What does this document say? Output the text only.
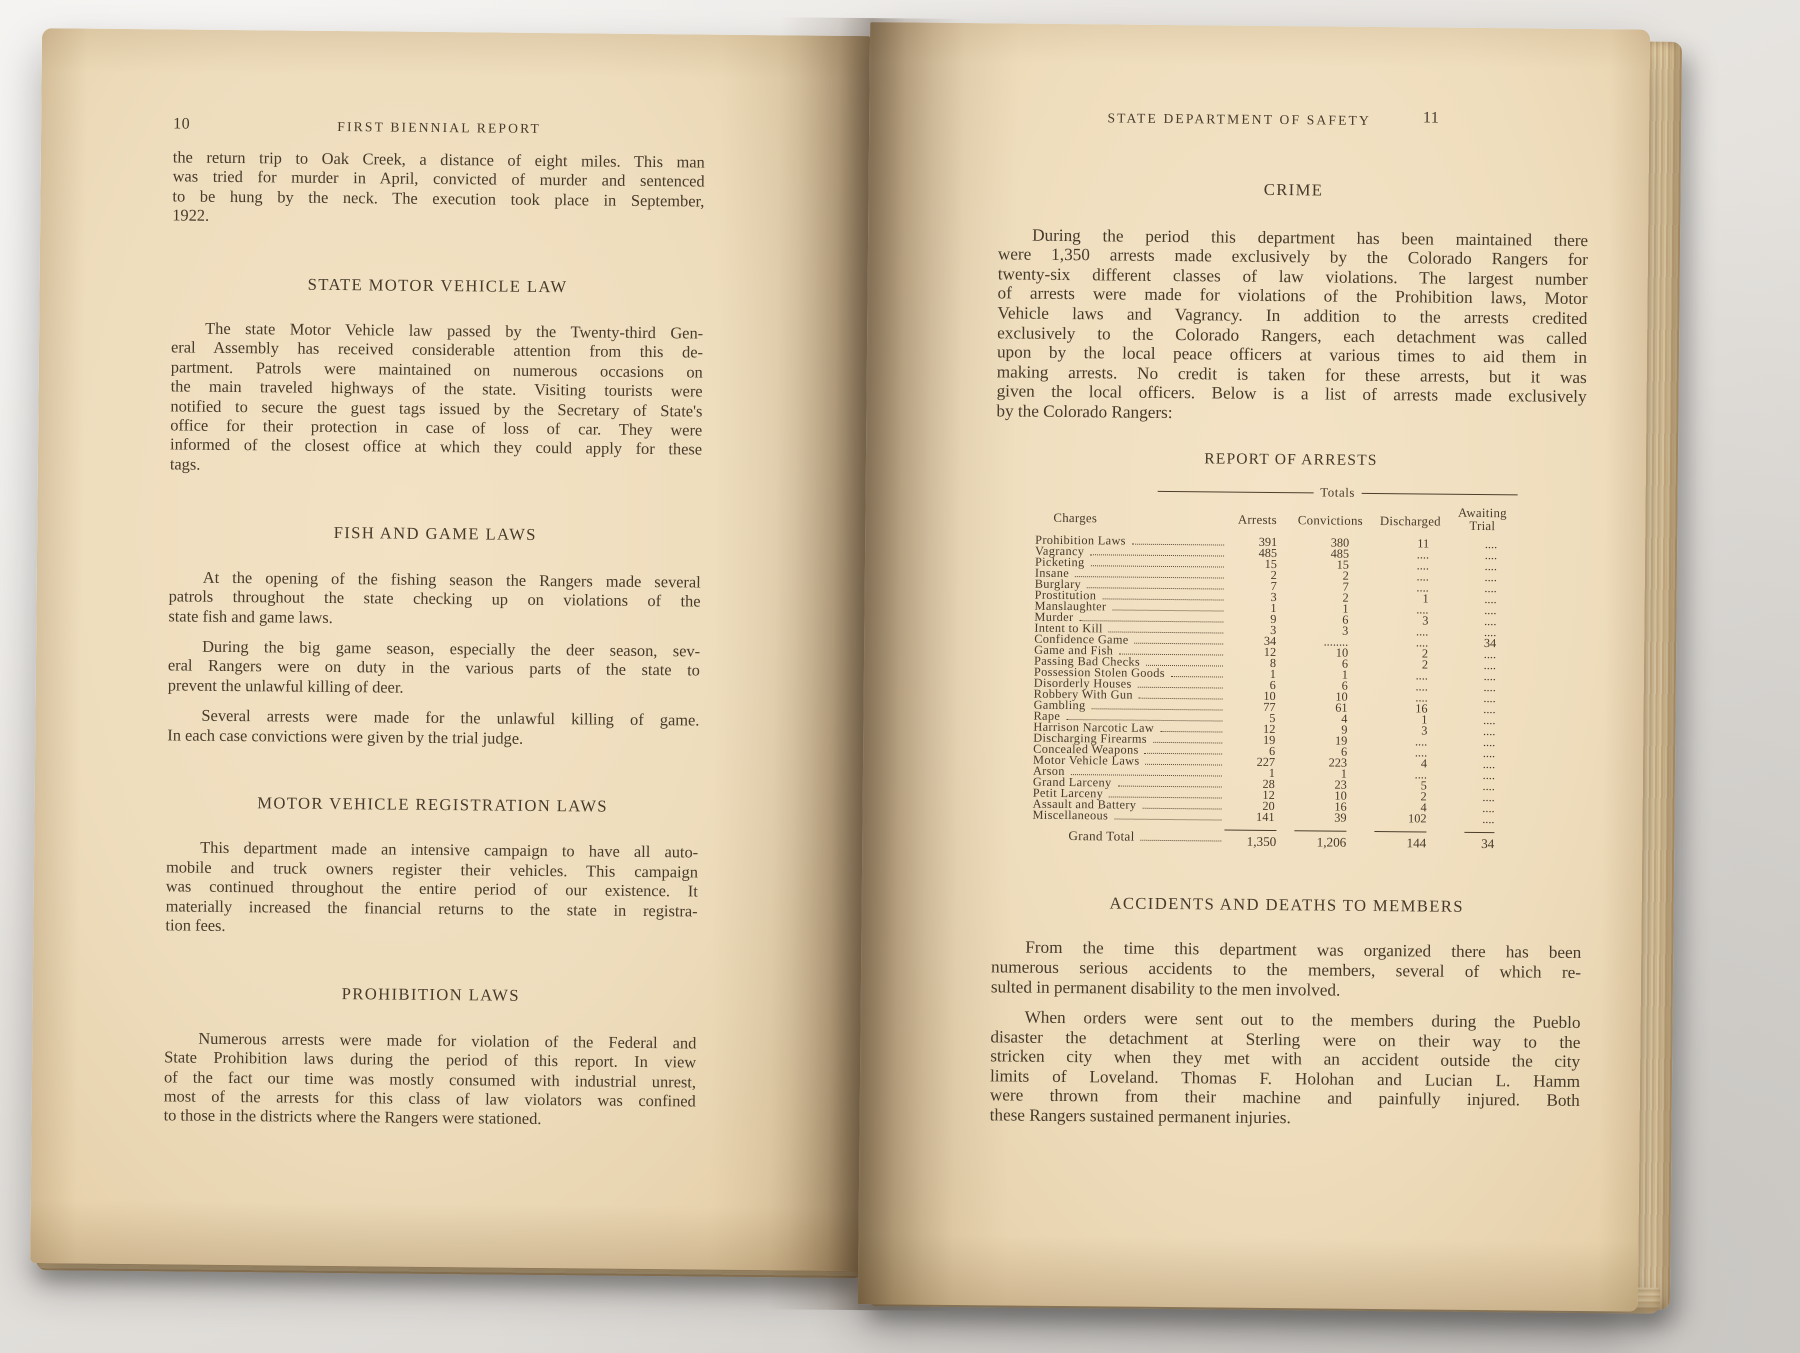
10	FIRST BIENNIAL REPORT
the return trip to Oak Creek, a distance of eight miles. This man
was tried for murder in April, convicted of murder and sentenced
to be hung by the neck. The execution took place in September,
1922.
STATE MOTOR VEHICLE LAW
The state Motor Vehicle law passed by the Twenty-third Gen-
eral Assembly has received considerable attention from this de-
partment. Patrols were maintained on numerous occasions on
the main traveled highways of the state. Visiting tourists were
notified to secure the guest tags issued by the Secretary of State's
office for their protection in case of loss of car. They were
informed of the closest office at which they could apply for these
tags.
FISH AND GAME LAWS
At the opening of the fishing season the Rangers made several
patrols throughout the state checking up on violations of the
state fish and game laws.
During the big game season, especially the deer season, sev-
eral Rangers were on duty in the various parts of the state to
prevent the unlawful killing of deer.
Several arrests were made for the unlawful killing of game.
In each case convictions were given by the trial judge.
MOTOR VEHICLE REGISTRATION LAWS
This department made an intensive campaign to have all auto-
mobile and truck owners register their vehicles. This campaign
was continued throughout the entire period of our existence. It
materially increased the financial returns to the state in registra-
tion fees.
PROHIBITION LAWS
Numerous arrests were made for violation of the Federal and
State Prohibition laws during the period of this report. In view
of the fact our time was mostly consumed with industrial unrest,
most of the arrests for this class of law violators was confined
to those in the districts where the Rangers were stationed.
STATE DEPARTMENT OF SAFETY	11
CRIME
During the period this department has been maintained there
were 1,350 arrests made exclusively by the Colorado Rangers for
twenty-six different classes of law violations. The largest number
of arrests were made for violations of the Prohibition laws, Motor
Vehicle laws and Vagrancy. In addition to the arrests credited
exclusively to the Colorado Rangers, each detachment was called
upon by the local peace officers at various times to aid them in
making arrests. No credit is taken for these arrests, but it was
given the local officers. Below is a list of arrests made exclusively
by the Colorado Rangers:
REPORT OF ARRESTS
Totals
Charges	Arrests	Convictions	Discharged
Awaiting
Trial
Prohibition Laws	391	380	11	....
Vagrancy	485	485	....	....
Picketing	15	15	....	....
Insane	2	2	....	....
Burglary	7	7	....	....
Prostitution	3	2	1	....
Manslaughter	1	1	....	....
Murder	9	6	3	....
Intent to Kill	3	3	....	....
Confidence Game	34	........	....	34
Game and Fish	12	10	2	....
Passing Bad Checks	8	6	2	....
Possession Stolen Goods	1	1	....	....
Disorderly Houses	6	6	....	....
Robbery With Gun	10	10	....	....
Gambling	77	61	16	....
Rape	5	4	1	....
Harrison Narcotic Law	12	9	3	....
Discharging Firearms	19	19	....	....
Concealed Weapons	6	6	....	....
Motor Vehicle Laws	227	223	4	....
Arson	1	1	....	....
Grand Larceny	28	23	5	....
Petit Larceny	12	10	2	....
Assault and Battery	20	16	4	....
Miscellaneous	141	39	102	....
Grand Total	1,350	1,206	144	34
ACCIDENTS AND DEATHS TO MEMBERS
From the time this department was organized there has been
numerous serious accidents to the members, several of which re-
sulted in permanent disability to the men involved.
When orders were sent out to the members during the Pueblo
disaster the detachment at Sterling were on their way to the
stricken city when they met with an accident outside the city
limits of Loveland. Thomas F. Holohan and Lucian L. Hamm
were thrown from their machine and painfully injured. Both
these Rangers sustained permanent injuries.
